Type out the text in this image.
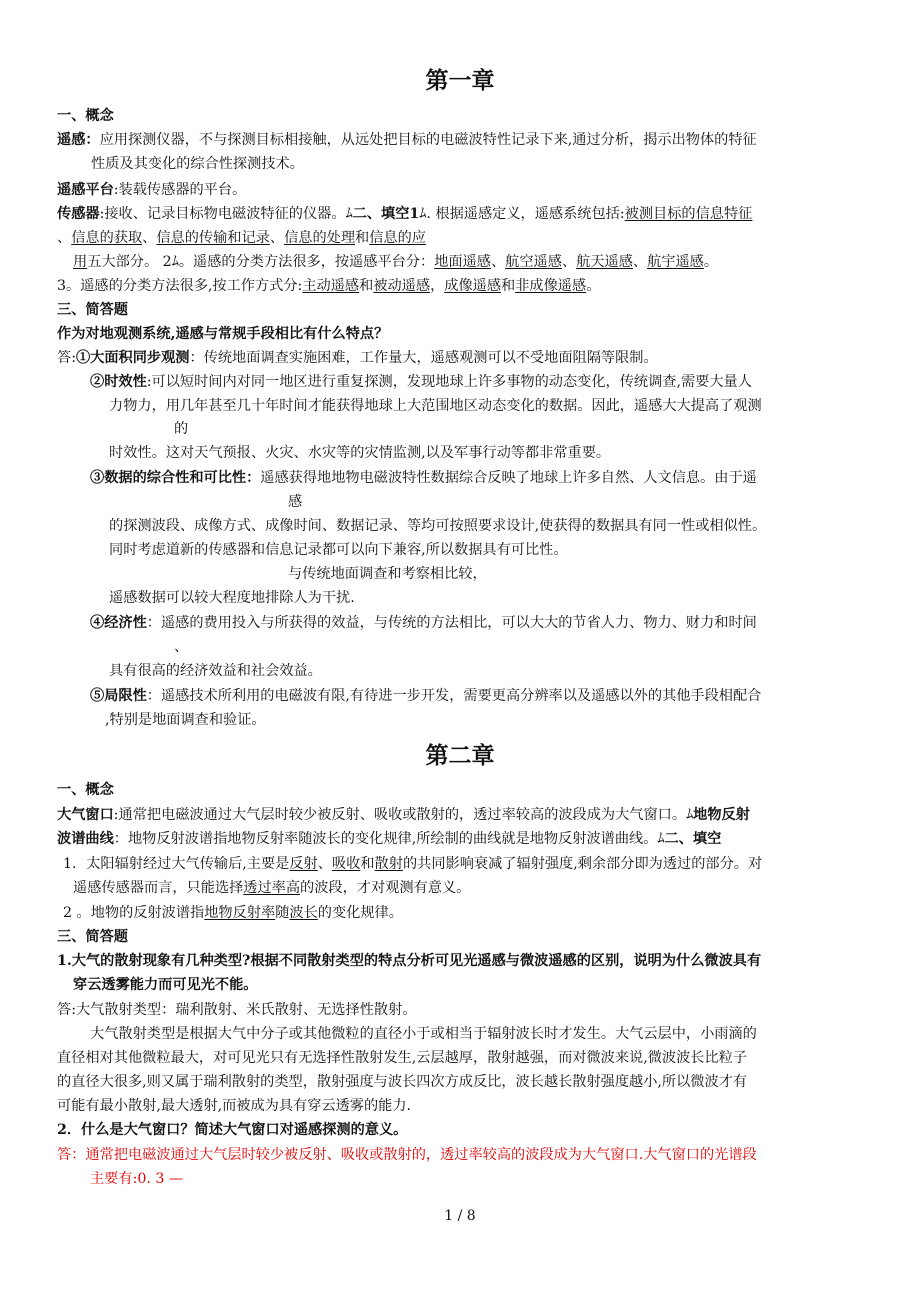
第一章
一、概念
遥感：应用探测仪器，不与探测目标相接触，从远处把目标的电磁波特性记录下来,通过分析，揭示出物体的特征
性质及其变化的综合性探测技术。
遥感平台:装载传感器的平台。
传感器:接收、记录目标物电磁波特征的仪器。ﾑ二、填空1ﾑ. 根据遥感定义，遥感系统包括:被测目标的信息特征
、信息的获取、信息的传输和记录、信息的处理和信息的应
用五大部分。 2ﾑ。遥感的分类方法很多，按遥感平台分：地面遥感、航空遥感、航天遥感、航宇遥感。
3。遥感的分类方法很多,按工作方式分:主动遥感和被动遥感，成像遥感和非成像遥感。
三、简答题
作为对地观测系统,遥感与常规手段相比有什么特点？
答:①大面积同步观测：传统地面调查实施困难，工作量大，遥感观测可以不受地面阻隔等限制。
②时效性:可以短时间内对同一地区进行重复探测，发现地球上许多事物的动态变化，传统调查,需要大量人
力物力，用几年甚至几十年时间才能获得地球上大范围地区动态变化的数据。因此，遥感大大提高了观测
的
时效性。这对天气预报、火灾、水灾等的灾情监测,以及军事行动等都非常重要。
③数据的综合性和可比性：遥感获得地地物电磁波特性数据综合反映了地球上许多自然、人文信息。由于遥
感
的探测波段、成像方式、成像时间、数据记录、等均可按照要求设计,使获得的数据具有同一性或相似性。
同时考虑道新的传感器和信息记录都可以向下兼容,所以数据具有可比性。
与传统地面调查和考察相比较，
遥感数据可以较大程度地排除人为干扰.
④经济性：遥感的费用投入与所获得的效益，与传统的方法相比，可以大大的节省人力、物力、财力和时间
、
具有很高的经济效益和社会效益。
⑤局限性：遥感技术所利用的电磁波有限,有待进一步开发，需要更高分辨率以及遥感以外的其他手段相配合
,特别是地面调查和验证。
第二章
一、概念
大气窗口:通常把电磁波通过大气层时较少被反射、吸收或散射的，透过率较高的波段成为大气窗口。ﾑ地物反射
波谱曲线：地物反射波谱指地物反射率随波长的变化规律,所绘制的曲线就是地物反射波谱曲线。ﾑ二、填空
1．太阳辐射经过大气传输后,主要是反射、吸收和散射的共同影响衰减了辐射强度,剩余部分即为透过的部分。对
遥感传感器而言，只能选择透过率高的波段，才对观测有意义。
2 。地物的反射波谱指地物反射率随波长的变化规律。
三、简答题
1.大气的散射现象有几种类型?根据不同散射类型的特点分析可见光遥感与微波遥感的区别，说明为什么微波具有
穿云透雾能力而可见光不能。
答:大气散射类型：瑞利散射、米氏散射、无选择性散射。
大气散射类型是根据大气中分子或其他微粒的直径小于或相当于辐射波长时才发生。大气云层中，小雨滴的
直径相对其他微粒最大，对可见光只有无选择性散射发生,云层越厚，散射越强，而对微波来说,微波波长比粒子
的直径大很多,则又属于瑞利散射的类型，散射强度与波长四次方成反比，波长越长散射强度越小,所以微波才有
可能有最小散射,最大透射,而被成为具有穿云透雾的能力.
2．什么是大气窗口？简述大气窗口对遥感探测的意义。
答：通常把电磁波通过大气层时较少被反射、吸收或散射的，透过率较高的波段成为大气窗口.大气窗口的光谱段
主要有:0. 3 —
1 / 8
